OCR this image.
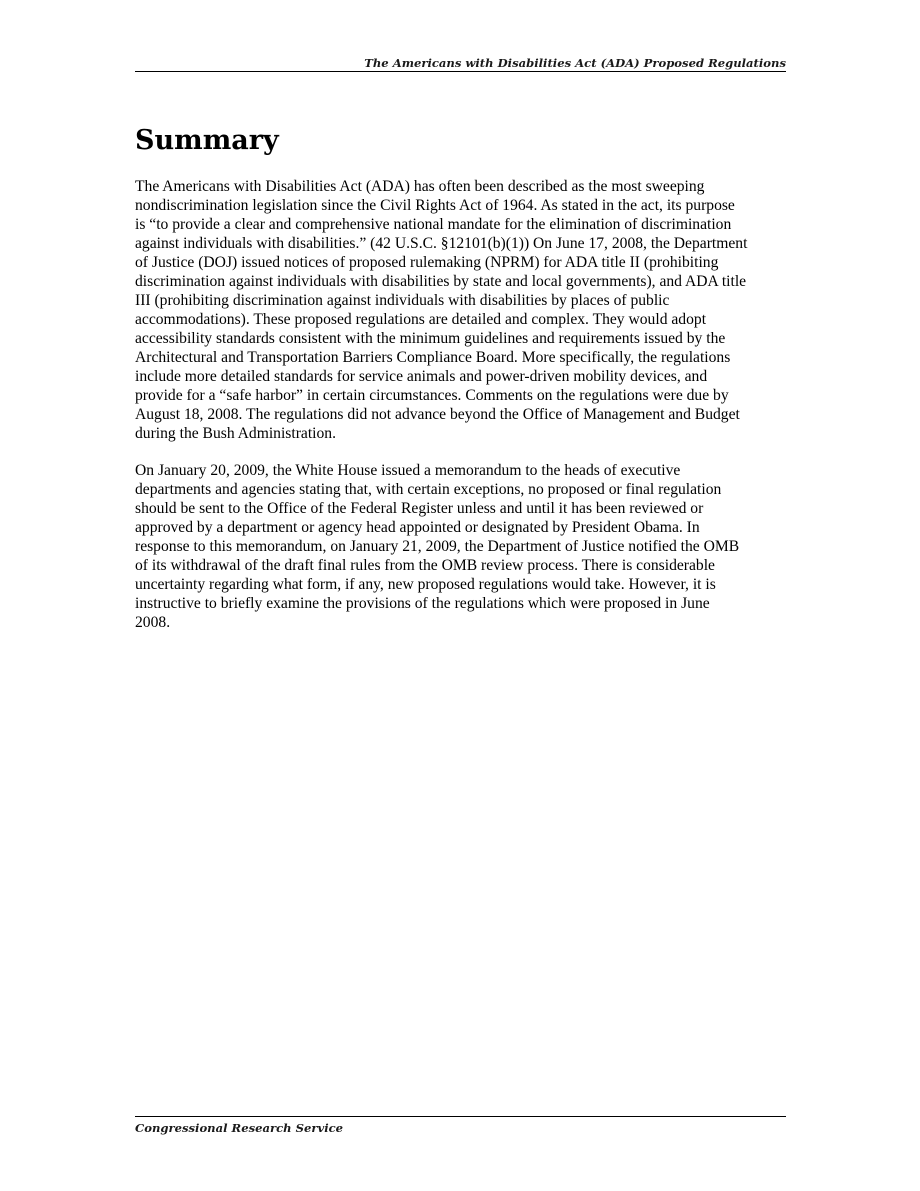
The Americans with Disabilities Act (ADA) Proposed Regulations
Summary
The Americans with Disabilities Act (ADA) has often been described as the most sweeping
nondiscrimination legislation since the Civil Rights Act of 1964. As stated in the act, its purpose
is “to provide a clear and comprehensive national mandate for the elimination of discrimination
against individuals with disabilities.” (42 U.S.C. §12101(b)(1)) On June 17, 2008, the Department
of Justice (DOJ) issued notices of proposed rulemaking (NPRM) for ADA title II (prohibiting
discrimination against individuals with disabilities by state and local governments), and ADA title
III (prohibiting discrimination against individuals with disabilities by places of public
accommodations). These proposed regulations are detailed and complex. They would adopt
accessibility standards consistent with the minimum guidelines and requirements issued by the
Architectural and Transportation Barriers Compliance Board. More specifically, the regulations
include more detailed standards for service animals and power-driven mobility devices, and
provide for a “safe harbor” in certain circumstances. Comments on the regulations were due by
August 18, 2008. The regulations did not advance beyond the Office of Management and Budget
during the Bush Administration.
On January 20, 2009, the White House issued a memorandum to the heads of executive
departments and agencies stating that, with certain exceptions, no proposed or final regulation
should be sent to the Office of the Federal Register unless and until it has been reviewed or
approved by a department or agency head appointed or designated by President Obama. In
response to this memorandum, on January 21, 2009, the Department of Justice notified the OMB
of its withdrawal of the draft final rules from the OMB review process. There is considerable
uncertainty regarding what form, if any, new proposed regulations would take. However, it is
instructive to briefly examine the provisions of the regulations which were proposed in June
2008.
Congressional Research Service
